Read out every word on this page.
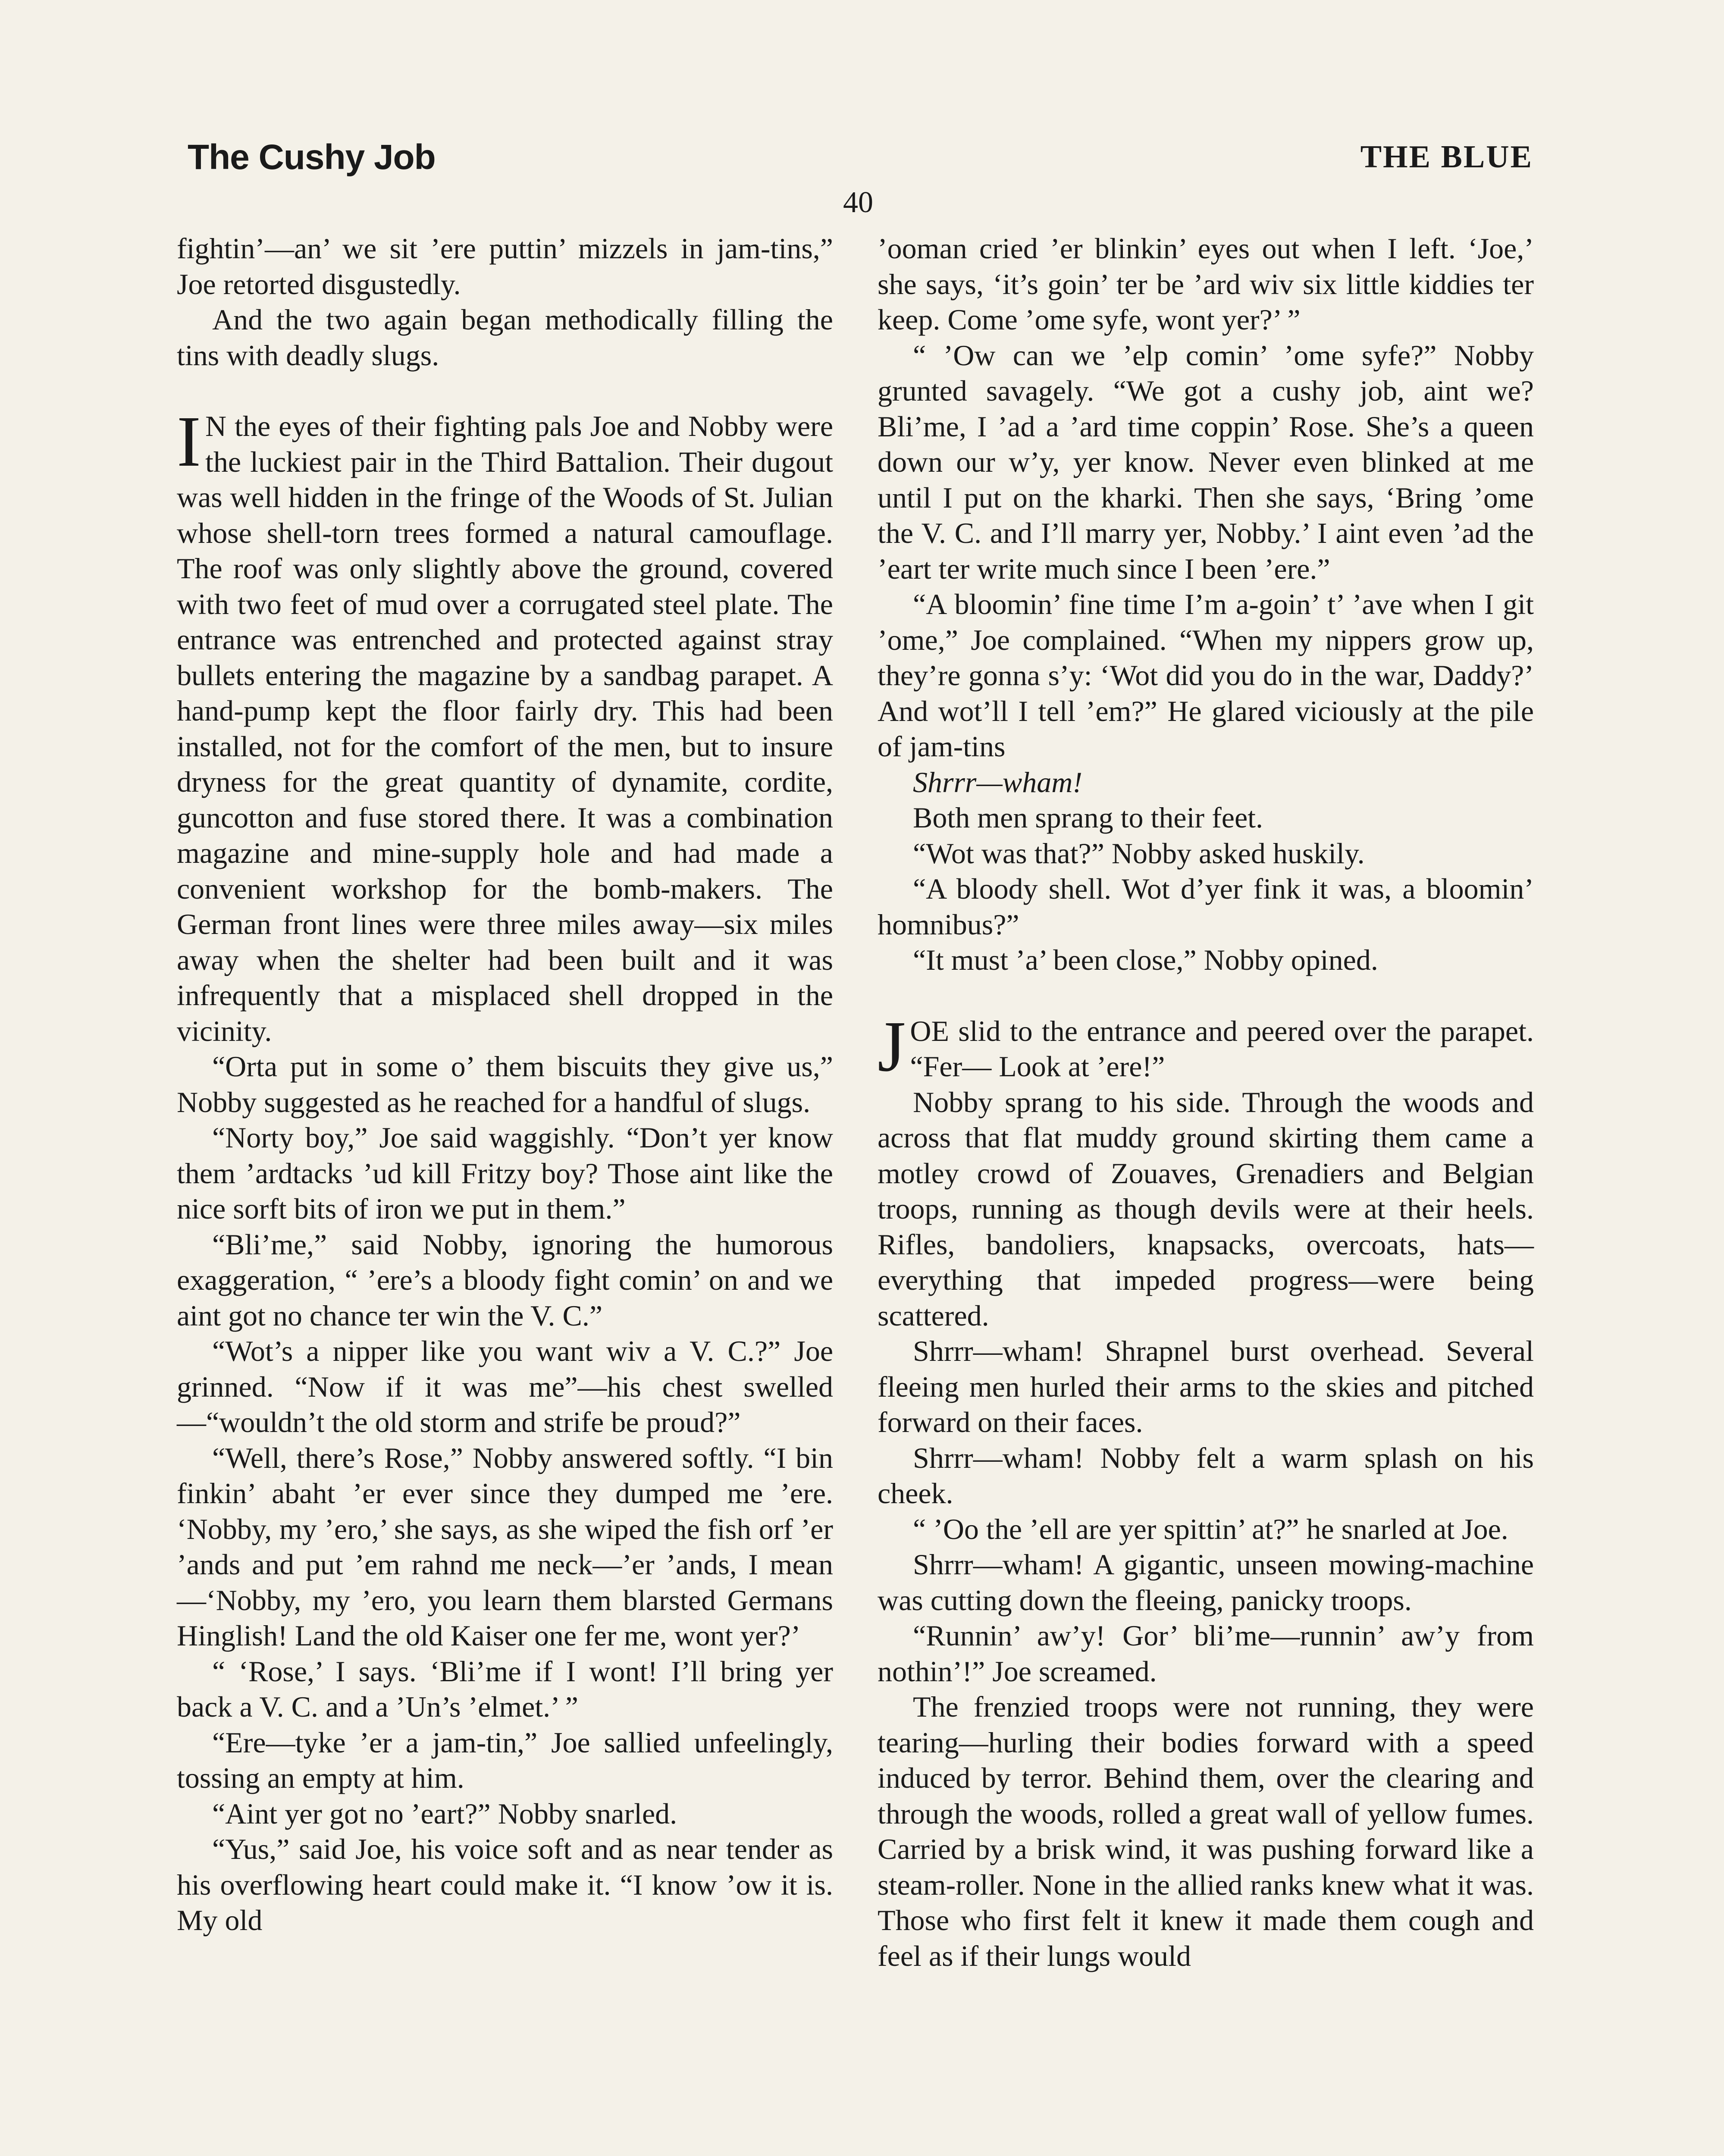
The Cushy Job	THE BLUE
40

fightin’—an’ we sit ’ere puttin’ mizzels in jam-tins,” Joe retorted disgustedly.

And the two again began methodically filling the tins with deadly slugs.

I N the eyes of their fighting pals Joe and Nobby were the luckiest pair in the Third Battalion. Their dugout was well hidden in the fringe of the Woods of St. Julian whose shell-torn trees formed a natural camouflage. The roof was only slightly above the ground, covered with two feet of mud over a corrugated steel plate. The entrance was entrenched and protected against stray bullets entering the magazine by a sandbag parapet. A hand-pump kept the floor fairly dry. This had been installed, not for the comfort of the men, but to insure dryness for the great quantity of dynamite, cordite, guncotton and fuse stored there. It was a combination magazine and mine-supply hole and had made a convenient workshop for the bomb-makers. The German front lines were three miles away—six miles away when the shelter had been built and it was infrequently that a misplaced shell dropped in the vicinity.

“Orta put in some o’ them biscuits they give us,” Nobby suggested as he reached for a handful of slugs.

“Norty boy,” Joe said waggishly. “Don’t yer know them ’ardtacks ’ud kill Fritzy boy? Those aint like the nice sorft bits of iron we put in them.”

“Bli’me,” said Nobby, ignoring the humorous exaggeration, “ ’ere’s a bloody fight comin’ on and we aint got no chance ter win the V. C.”

“Wot’s a nipper like you want wiv a V. C.?” Joe grinned. “Now if it was me”—his chest swelled—“wouldn’t the old storm and strife be proud?”

“Well, there’s Rose,” Nobby answered softly. “I bin finkin’ abaht ’er ever since they dumped me ’ere. ‘Nobby, my ’ero,’ she says, as she wiped the fish orf ’er ’ands and put ’em rahnd me neck—’er ’ands, I mean—‘Nobby, my ’ero, you learn them blarsted Germans Hinglish! Land the old Kaiser one fer me, wont yer?’

“ ‘Rose,’ I says. ‘Bli’me if I wont! I’ll bring yer back a V. C. and a ’Un’s ’elmet.’ ”

“Ere—tyke ’er a jam-tin,” Joe sallied unfeelingly, tossing an empty at him.

“Aint yer got no ’eart?” Nobby snarled.

“Yus,” said Joe, his voice soft and as near tender as his overflowing heart could make it. “I know ’ow it is. My old

’ooman cried ’er blinkin’ eyes out when I left. ‘Joe,’ she says, ‘it’s goin’ ter be ’ard wiv six little kiddies ter keep. Come ’ome syfe, wont yer?’ ”

“ ’Ow can we ’elp comin’ ’ome syfe?” Nobby grunted savagely. “We got a cushy job, aint we? Bli’me, I ’ad a ’ard time coppin’ Rose. She’s a queen down our w’y, yer know. Never even blinked at me until I put on the kharki. Then she says, ‘Bring ’ome the V. C. and I’ll marry yer, Nobby.’ I aint even ’ad the ’eart ter write much since I been ’ere.”

“A bloomin’ fine time I’m a-goin’ t’ ’ave when I git ’ome,” Joe complained. “When my nippers grow up, they’re gonna s’y: ‘Wot did you do in the war, Daddy?’ And wot’ll I tell ’em?” He glared viciously at the pile of jam-tins

Shrrr—wham!

Both men sprang to their feet.

“Wot was that?” Nobby asked huskily.

“A bloody shell. Wot d’yer fink it was, a bloomin’ homnibus?”

“It must ’a’ been close,” Nobby opined.

JOE slid to the entrance and peered over the parapet. “Fer— Look at ’ere!”

Nobby sprang to his side. Through the woods and across that flat muddy ground skirting them came a motley crowd of Zouaves, Grenadiers and Belgian troops, running as though devils were at their heels. Rifles, bandoliers, knapsacks, overcoats, hats—everything that impeded progress—were being scattered.

Shrrr—wham! Shrapnel burst overhead. Several fleeing men hurled their arms to the skies and pitched forward on their faces.

Shrrr—wham! Nobby felt a warm splash on his cheek.

“ ’Oo the ’ell are yer spittin’ at?” he snarled at Joe.

Shrrr—wham! A gigantic, unseen mowing-machine was cutting down the fleeing, panicky troops.

“Runnin’ aw’y! Gor’ bli’me—runnin’ aw’y from nothin’!” Joe screamed.

The frenzied troops were not running, they were tearing—hurling their bodies forward with a speed induced by terror. Behind them, over the clearing and through the woods, rolled a great wall of yellow fumes. Carried by a brisk wind, it was pushing forward like a steam-roller. None in the allied ranks knew what it was. Those who first felt it knew it made them cough and feel as if their lungs would
